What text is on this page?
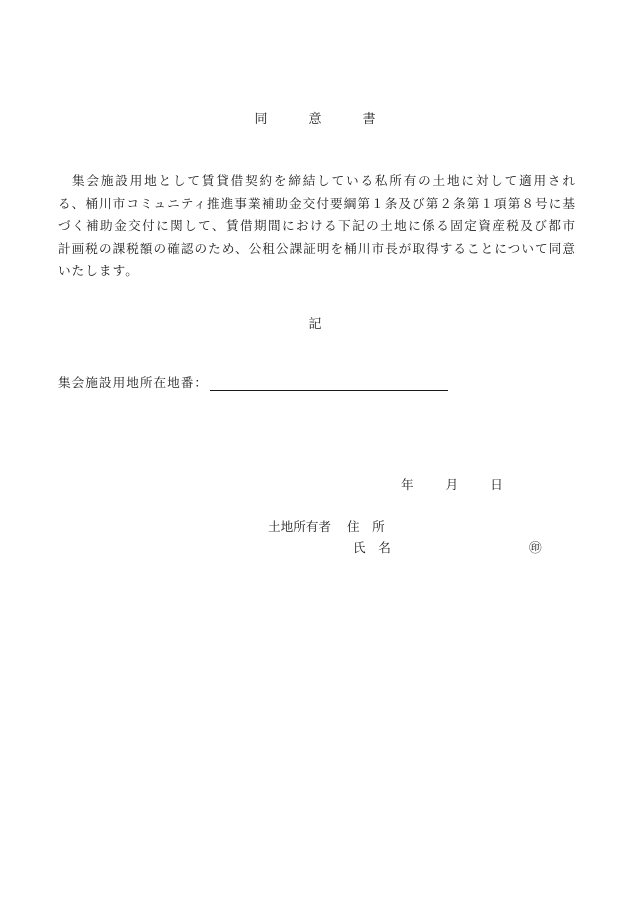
同　意　書
集会施設用地として賃貸借契約を締結している私所有の土地に対して適用される、桶川市コミュニティ推進事業補助金交付要綱第１条及び第２条第１項第８号に基づく補助金交付に関して、賃借期間における下記の土地に係る固定資産税及び都市計画税の課税額の確認のため、公租公課証明を桶川市長が取得することについて同意いたします。
記
集会施設用地所在地番：
年	月	日
土地所有者 住　所
氏　名	㊞
